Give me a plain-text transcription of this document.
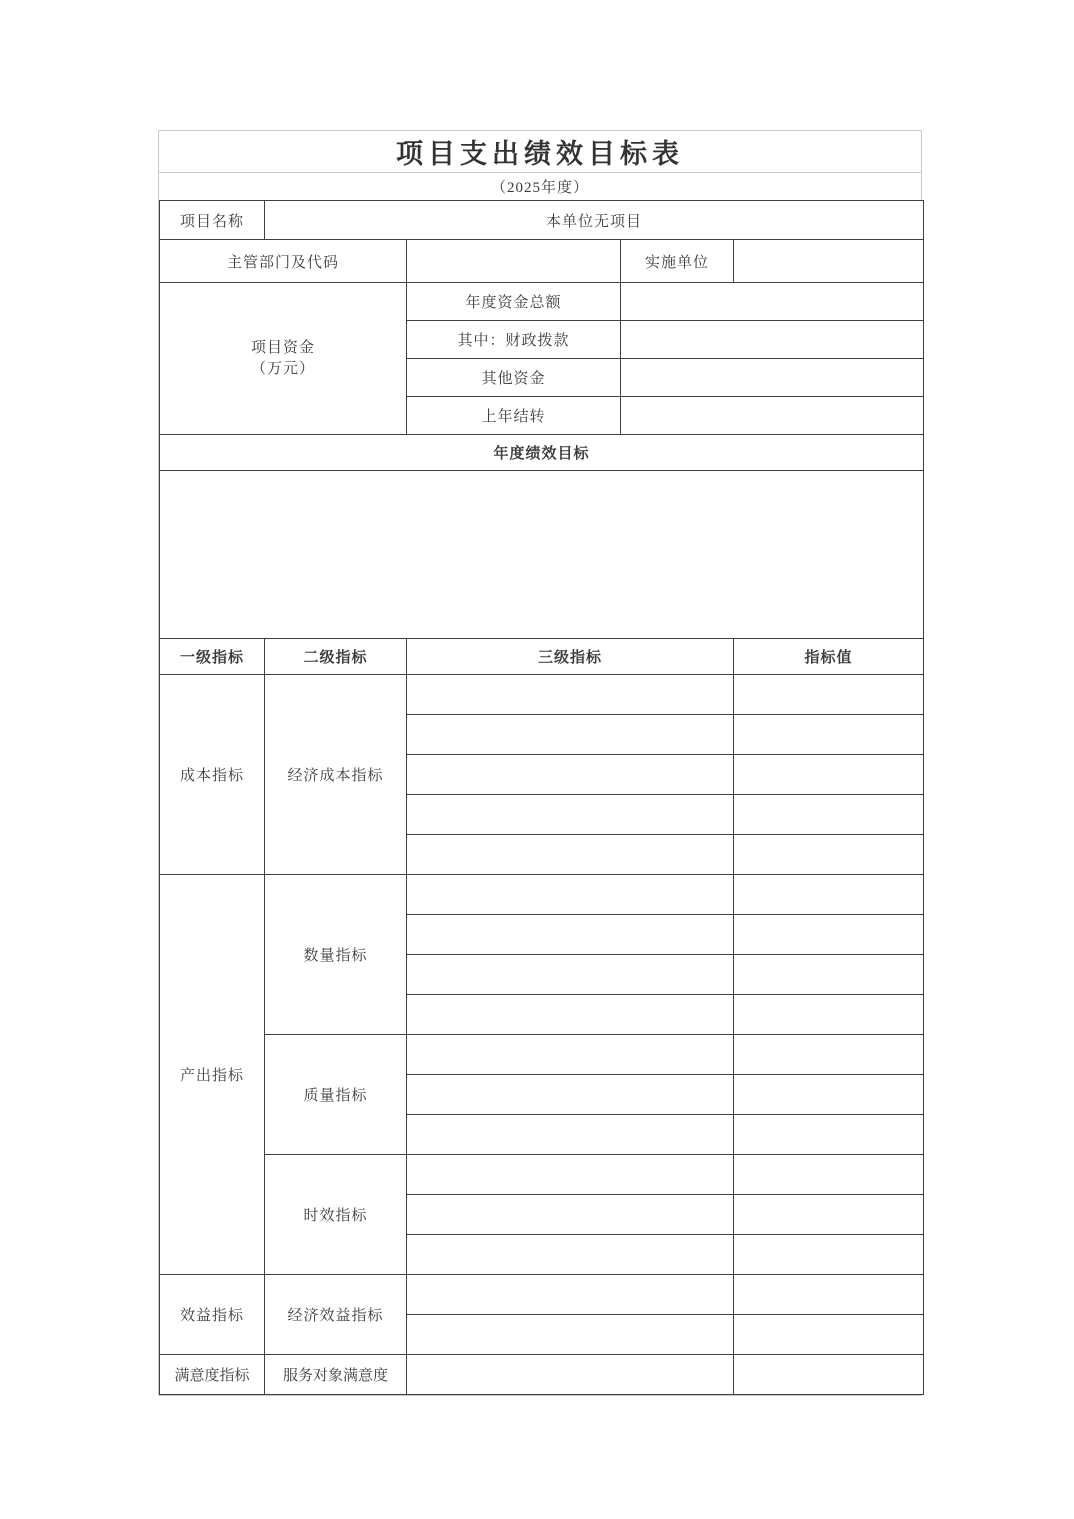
项目支出绩效目标表
（2025年度）
项目名称	本单位无项目			
主管部门及代码			实施单位	

项目资金
（万元）		年度资金总额		
		其中：财政拨款		
		其他资金		
		上年结转		
年度绩效目标				

一级指标	二级指标	三级指标		指标值
成本指标	经济成本指标			

产出指标	数量指标			

	质量指标			

	时效指标			

效益指标	经济效益指标			

满意度指标	服务对象满意度			
